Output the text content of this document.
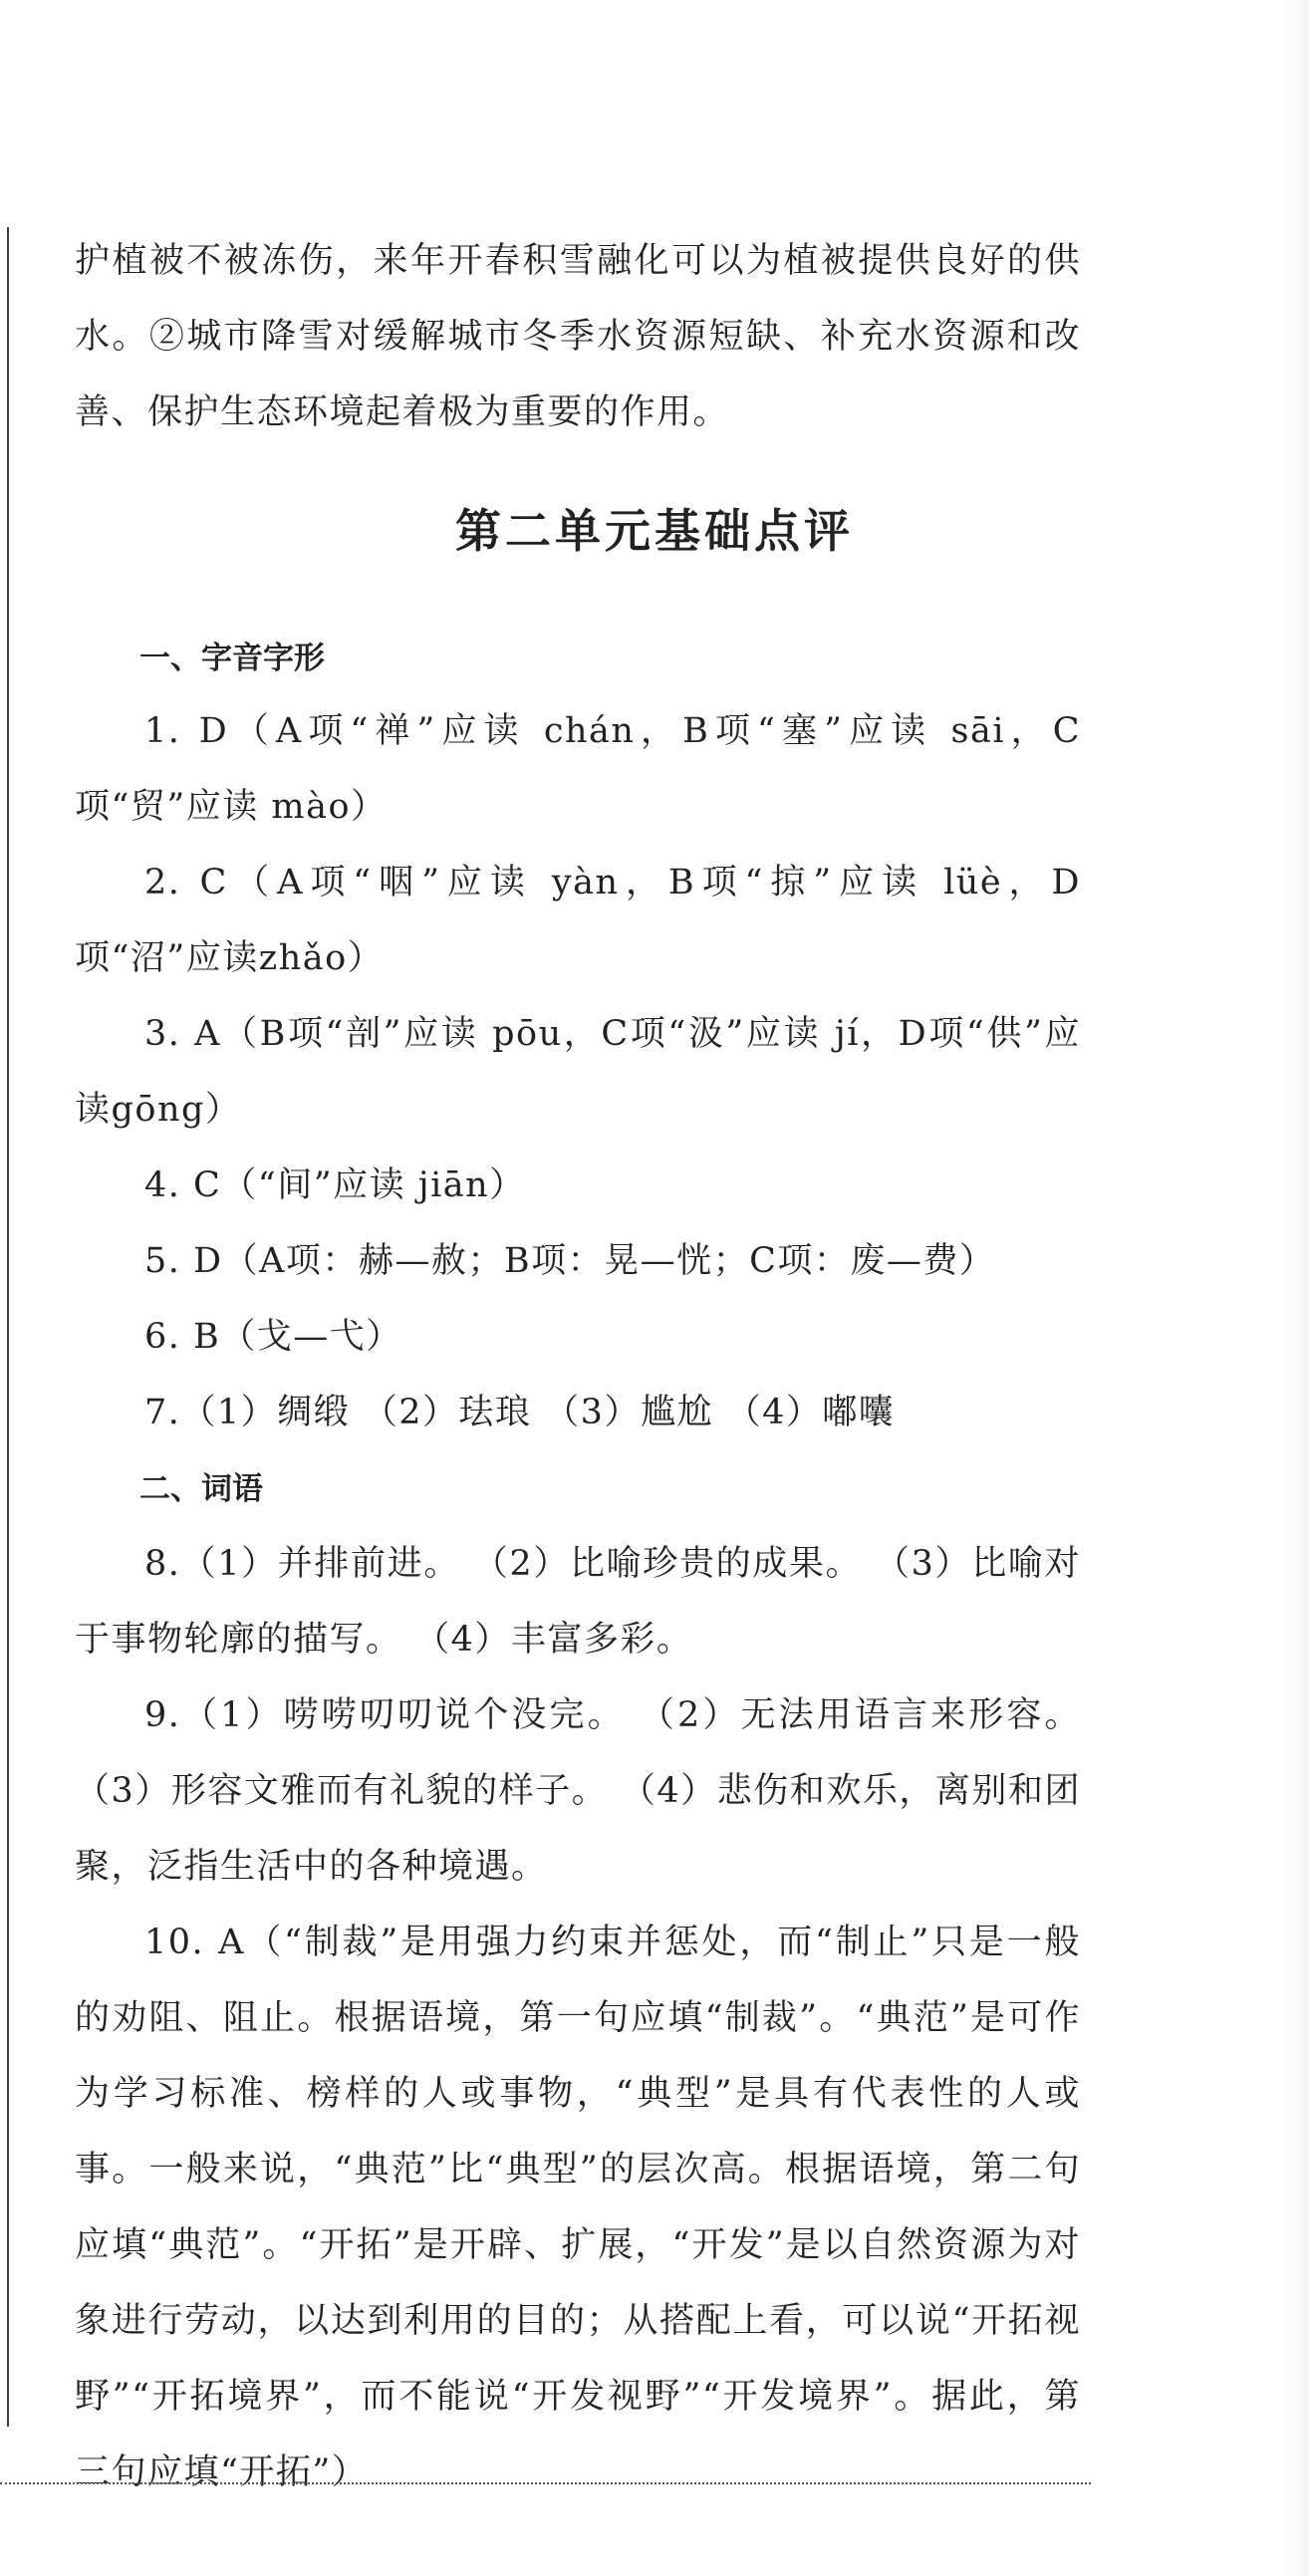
护植被不被冻伤，来年开春积雪融化可以为植被提供良好的供水。②城市降雪对缓解城市冬季水资源短缺、补充水资源和改善、保护生态环境起着极为重要的作用。

第二单元基础点评

一、字音字形

1. D（A项“禅”应读 chán，B项“塞”应读 sāi，C项“贸”应读 mào）

2. C（A项“咽”应读 yàn，B项“掠”应读 lüè，D项“沼”应读zhǎo）

3. A（B项“剖”应读 pōu，C项“汲”应读 jí，D项“供”应读gōng）

4. C（“间”应读 jiān）

5. D（A项：赫—赦；B项：晃—恍；C项：废—费）

6. B（戈—弋）

7.（1）绸缎 （2）珐琅 （3）尴尬 （4）嘟囔

二、词语

8.（1）并排前进。 （2）比喻珍贵的成果。 （3）比喻对于事物轮廓的描写。 （4）丰富多彩。

9.（1）唠唠叨叨说个没完。 （2）无法用语言来形容。 （3）形容文雅而有礼貌的样子。 （4）悲伤和欢乐，离别和团聚，泛指生活中的各种境遇。

10. A（“制裁”是用强力约束并惩处，而“制止”只是一般的劝阻、阻止。根据语境，第一句应填“制裁”。“典范”是可作为学习标准、榜样的人或事物，“典型”是具有代表性的人或事。一般来说，“典范”比“典型”的层次高。根据语境，第二句应填“典范”。“开拓”是开辟、扩展，“开发”是以自然资源为对象进行劳动，以达到利用的目的；从搭配上看，可以说“开拓视野”“开拓境界”，而不能说“开发视野”“开发境界”。据此，第三句应填“开拓”）
